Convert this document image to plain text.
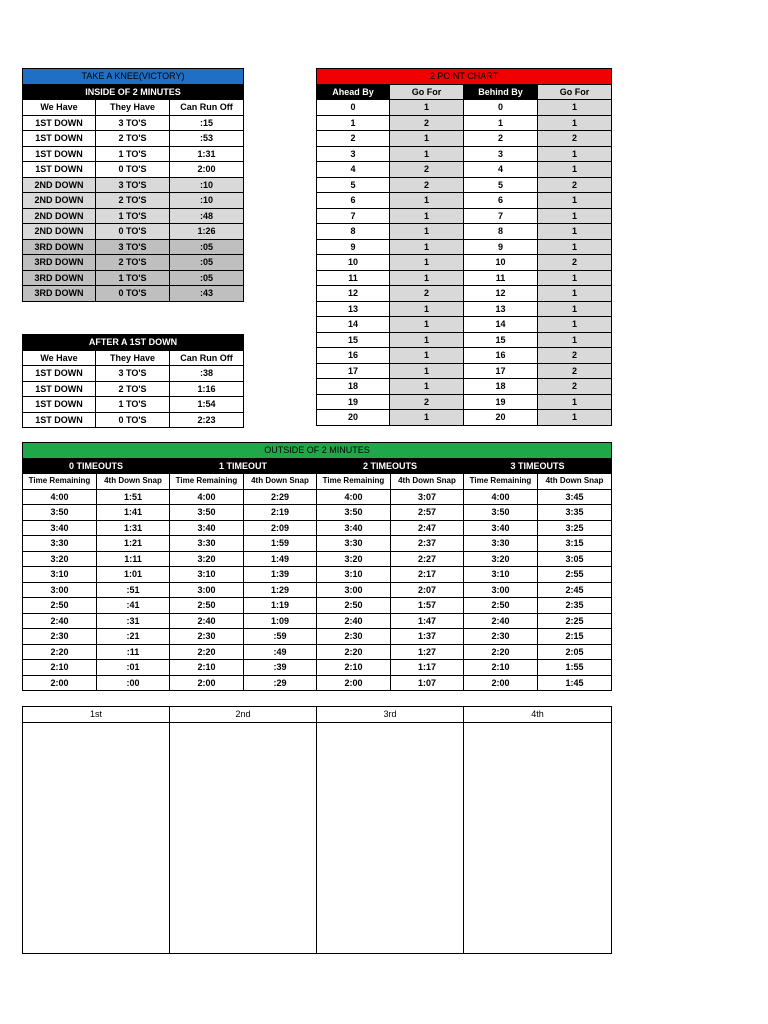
TAKE A KNEE(VICTORY)		
INSIDE OF 2 MINUTES		
We Have	They Have	Can Run Off
1ST DOWN	3 TO'S	:15
1ST DOWN	2 TO'S	:53
1ST DOWN	1 TO'S	1:31
1ST DOWN	0 TO'S	2:00
2ND DOWN	3 TO'S	:10
2ND DOWN	2 TO'S	:10
2ND DOWN	1 TO'S	:48
2ND DOWN	0 TO'S	1:26
3RD DOWN	3 TO'S	:05
3RD DOWN	2 TO'S	:05
3RD DOWN	1 TO'S	:05
3RD DOWN	0 TO'S	:43
AFTER A 1ST DOWN		
We Have	They Have	Can Run Off
1ST DOWN	3 TO'S	:38
1ST DOWN	2 TO'S	1:16
1ST DOWN	1 TO'S	1:54
1ST DOWN	0 TO'S	2:23
2 POINT CHART			
Ahead By	Go For	Behind By	Go For
0	1	0	1
1	2	1	1
2	1	2	2
3	1	3	1
4	2	4	1
5	2	5	2
6	1	6	1
7	1	7	1
8	1	8	1
9	1	9	1
10	1	10	2
11	1	11	1
12	2	12	1
13	1	13	1
14	1	14	1
15	1	15	1
16	1	16	2
17	1	17	2
18	1	18	2
19	2	19	1
20	1	20	1
OUTSIDE OF 2 MINUTES							
0 TIMEOUTS		1 TIMEOUT		2 TIMEOUTS		3 TIMEOUTS	
Time Remaining	4th Down Snap	Time Remaining	4th Down Snap	Time Remaining	4th Down Snap	Time Remaining	4th Down Snap
4:00	1:51	4:00	2:29	4:00	3:07	4:00	3:45
3:50	1:41	3:50	2:19	3:50	2:57	3:50	3:35
3:40	1:31	3:40	2:09	3:40	2:47	3:40	3:25
3:30	1:21	3:30	1:59	3:30	2:37	3:30	3:15
3:20	1:11	3:20	1:49	3:20	2:27	3:20	3:05
3:10	1:01	3:10	1:39	3:10	2:17	3:10	2:55
3:00	:51	3:00	1:29	3:00	2:07	3:00	2:45
2:50	:41	2:50	1:19	2:50	1:57	2:50	2:35
2:40	:31	2:40	1:09	2:40	1:47	2:40	2:25
2:30	:21	2:30	:59	2:30	1:37	2:30	2:15
2:20	:11	2:20	:49	2:20	1:27	2:20	2:05
2:10	:01	2:10	:39	2:10	1:17	2:10	1:55
2:00	:00	2:00	:29	2:00	1:07	2:00	1:45
1st	2nd	3rd	4th
